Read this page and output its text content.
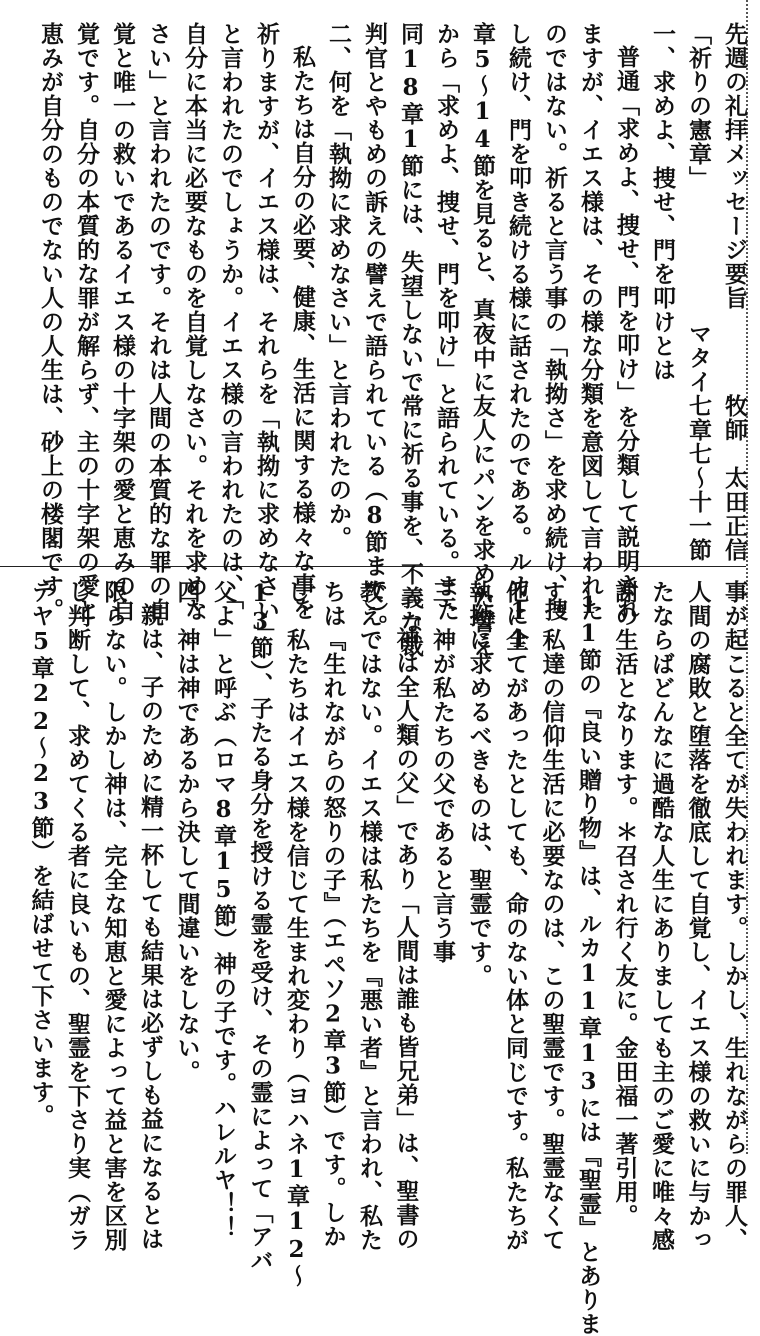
先週の礼拝メッセージ要旨
牧師　太田正信
「祈りの憲章」
マタイ七章七～十一節
一、求めよ、捜せ、門を叩けとは
普通「求めよ、捜せ、門を叩け」を分類して説明され
ますが、イエス様は、その様な分類を意図して言われた
のではない。祈ると言う事の「執拗さ」を求め続け、捜
し続け、門を叩き続ける様に話されたのである。ルカ11
章5～14節を見ると、真夜中に友人にパンを求めた譬え
から「求めよ、捜せ、門を叩け」と語られている。また
同18章1節には、失望しないで常に祈る事を、不義な裁
判官とやもめの訴えの譬えで語られている（8節まで）。
二、何を「執拗に求めなさい」と言われたのか。
私たちは自分の必要、健康、生活に関する様々な事を
祈りますが、イエス様は、それらを「執拗に求めなさい」
と言われたのでしょうか。イエス様の言われたのは、「
自分に本当に必要なものを自覚しなさい。それを求めな
さい」と言われたのです。それは人間の本質的な罪の自
覚と唯一の救いであるイエス様の十字架の愛と恵みの自
覚です。自分の本質的な罪が解らず、主の十字架の愛と
恵みが自分のものでない人の人生は、砂上の楼閣です。
事が起こると全てが失われます。しかし、生れながらの罪人、
人間の腐敗と堕落を徹底して自覚し、イエス様の救いに与かっ
たならばどんなに過酷な人生にありましても主のご愛に唯々感
謝の生活となります。＊召され行く友に。金田福一著引用。
11節の『良い贈り物』は、ルカ11章13には『聖霊』とありま
す。私達の信仰生活に必要なのは、この聖霊です。聖霊なくて
他に全てがあったとしても、命のない体と同じです。私たちが
執拗に求めるべきものは、聖霊です。
三、神が私たちの父であると言う事
「神は全人類の父」であり「人間は誰も皆兄弟」は、聖書の
教えではない。イエス様は私たちを『悪い者』と言われ、私た
ちは『生れながらの怒りの子』（エペソ2章3節）です。しか
し、私たちはイエス様を信じて生まれ変わり（ヨハネ1章12～
13節）、子たる身分を授ける霊を受け、その霊によって「アバ
父よ」と呼ぶ（ロマ8章15節）神の子です。ハレルヤ！！
四、神は神であるから決して間違いをしない。
親は、子のために精一杯しても結果は必ずしも益になるとは
限らない。しかし神は、完全な知恵と愛によって益と害を区別
し判断して、求めてくる者に良いもの、聖霊を下さり実（ガラ
テヤ5章22～23節）を結ばせて下さいます。
